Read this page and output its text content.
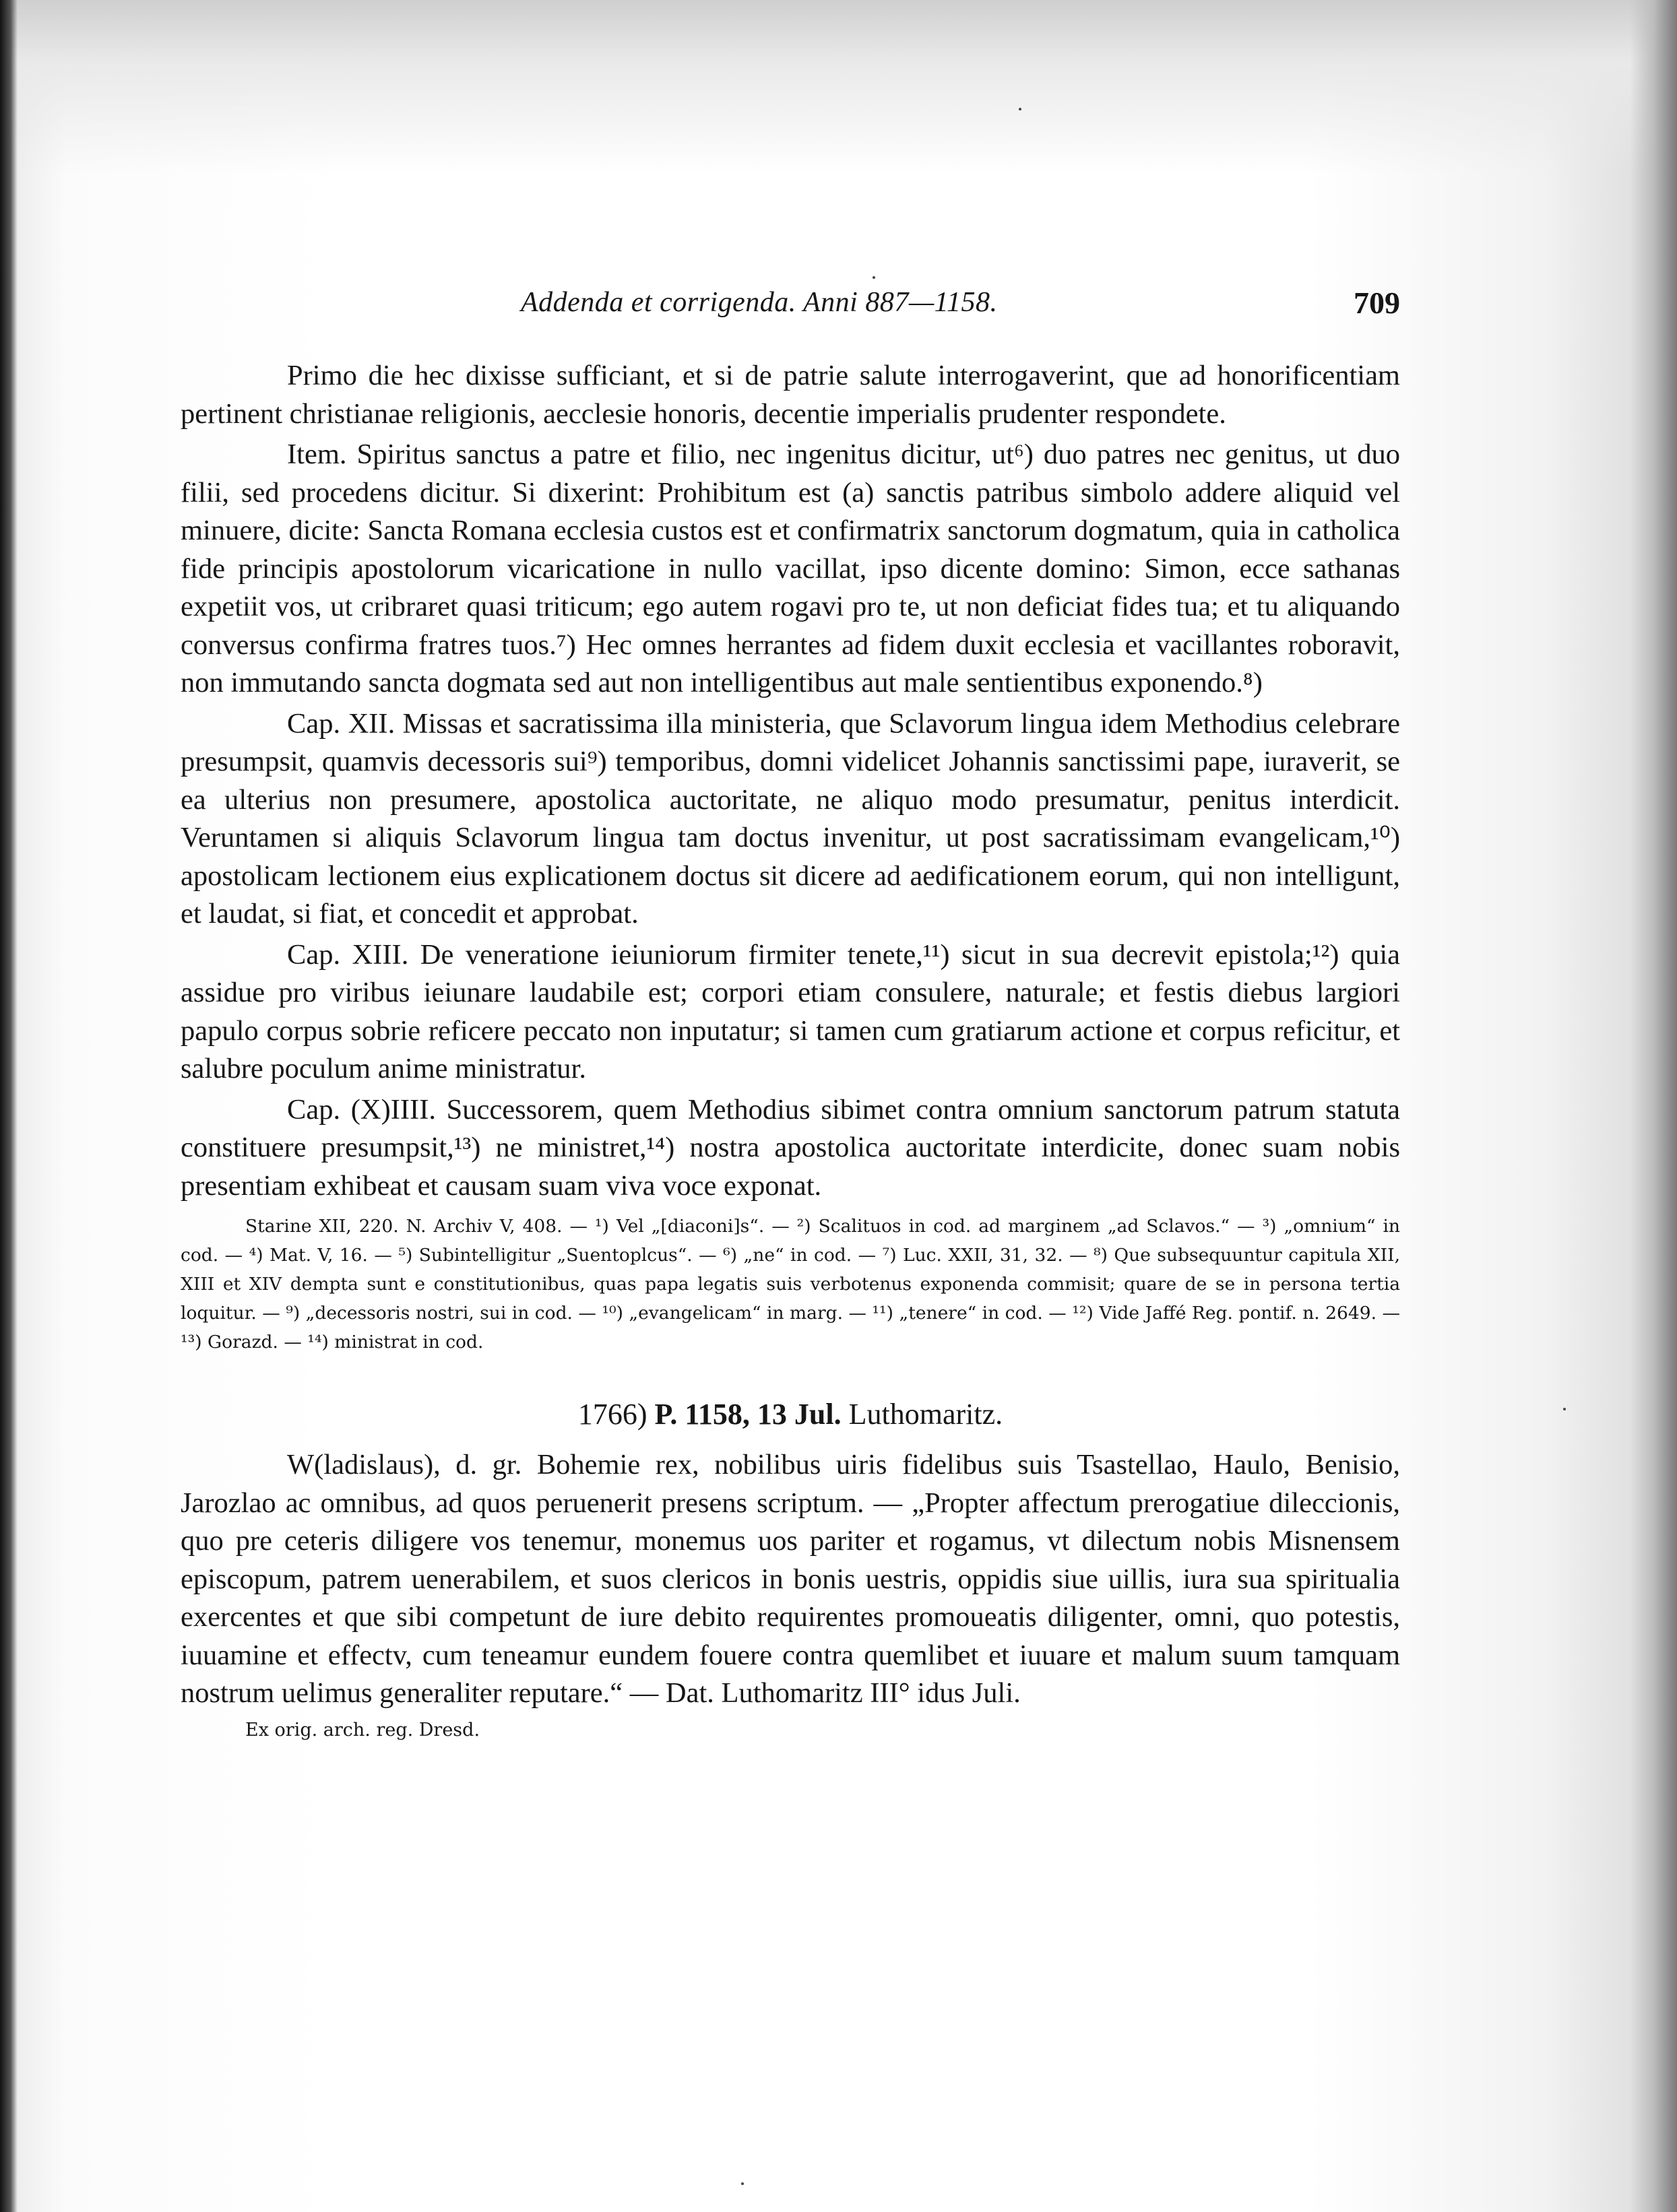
Addenda et corrigenda. Anni 887—1158.	709

Primo die hec dixisse sufficiant, et si de patrie salute interrogaverint, que ad honorificentiam pertinent christianae religionis, aecclesie honoris, decentie imperialis prudenter respondete.

Item. Spiritus sanctus a patre et filio, nec ingenitus dicitur, ut⁶) duo patres nec genitus, ut duo filii, sed procedens dicitur. Si dixerint: Prohibitum est (a) sanctis patribus simbolo addere aliquid vel minuere, dicite: Sancta Romana ecclesia custos est et confirmatrix sanctorum dogmatum, quia in catholica fide principis apostolorum vicaricatione in nullo vacillat, ipso dicente domino: Simon, ecce sathanas expetiit vos, ut cribraret quasi triticum; ego autem rogavi pro te, ut non deficiat fides tua; et tu aliquando conversus confirma fratres tuos.⁷) Hec omnes herrantes ad fidem duxit ecclesia et vacillantes roboravit, non immutando sancta dogmata sed aut non intelligentibus aut male sentientibus exponendo.⁸)

Cap. XII. Missas et sacratissima illa ministeria, que Sclavorum lingua idem Methodius celebrare presumpsit, quamvis decessoris sui⁹) temporibus, domni videlicet Johannis sanctissimi pape, iuraverit, se ea ulterius non presumere, apostolica auctoritate, ne aliquo modo presumatur, penitus interdicit. Veruntamen si aliquis Sclavorum lingua tam doctus invenitur, ut post sacratissimam evangelicam,¹⁰) apostolicam lectionem eius explicationem doctus sit dicere ad aedificationem eorum, qui non intelligunt, et laudat, si fiat, et concedit et approbat.

Cap. XIII. De veneratione ieiuniorum firmiter tenete,¹¹) sicut in sua decrevit epistola;¹²) quia assidue pro viribus ieiunare laudabile est; corpori etiam consulere, naturale; et festis diebus largiori papulo corpus sobrie reficere peccato non inputatur; si tamen cum gratiarum actione et corpus reficitur, et salubre poculum anime ministratur.

Cap. (X)IIII. Successorem, quem Methodius sibimet contra omnium sanctorum patrum statuta constituere presumpsit,¹³) ne ministret,¹⁴) nostra apostolica auctoritate interdicite, donec suam nobis presentiam exhibeat et causam suam viva voce exponat.

Starine XII, 220. N. Archiv V, 408. — ¹) Vel „[diaconi]s“. — ²) Scalituos in cod. ad marginem „ad Sclavos.“ — ³) „omnium“ in cod. — ⁴) Mat. V, 16. — ⁵) Subintelligitur „Suentoplcus“. — ⁶) „ne“ in cod. — ⁷) Luc. XXII, 31, 32. — ⁸) Que subsequuntur capitula XII, XIII et XIV dempta sunt e constitutionibus, quas papa legatis suis verbotenus exponenda commisit; quare de se in persona tertia loquitur. — ⁹) „decessoris nostri, sui in cod. — ¹⁰) „evangelicam“ in marg. — ¹¹) „tenere“ in cod. — ¹²) Vide Jaffé Reg. pontif. n. 2649. — ¹³) Gorazd. — ¹⁴) ministrat in cod.

1766) P. 1158, 13 Jul. Luthomaritz.

W(ladislaus), d. gr. Bohemie rex, nobilibus uiris fidelibus suis Tsastellao, Haulo, Benisio, Jarozlao ac omnibus, ad quos peruenerit presens scriptum. — „Propter affectum prerogatiue dileccionis, quo pre ceteris diligere vos tenemur, monemus uos pariter et rogamus, vt dilectum nobis Misnensem episcopum, patrem uenerabilem, et suos clericos in bonis uestris, oppidis siue uillis, iura sua spiritualia exercentes et que sibi competunt de iure debito requirentes promoueatis diligenter, omni, quo potestis, iuuamine et effectv, cum teneamur eundem fouere contra quemlibet et iuuare et malum suum tamquam nostrum uelimus generaliter reputare.“ — Dat. Luthomaritz III° idus Juli.

Ex orig. arch. reg. Dresd.
